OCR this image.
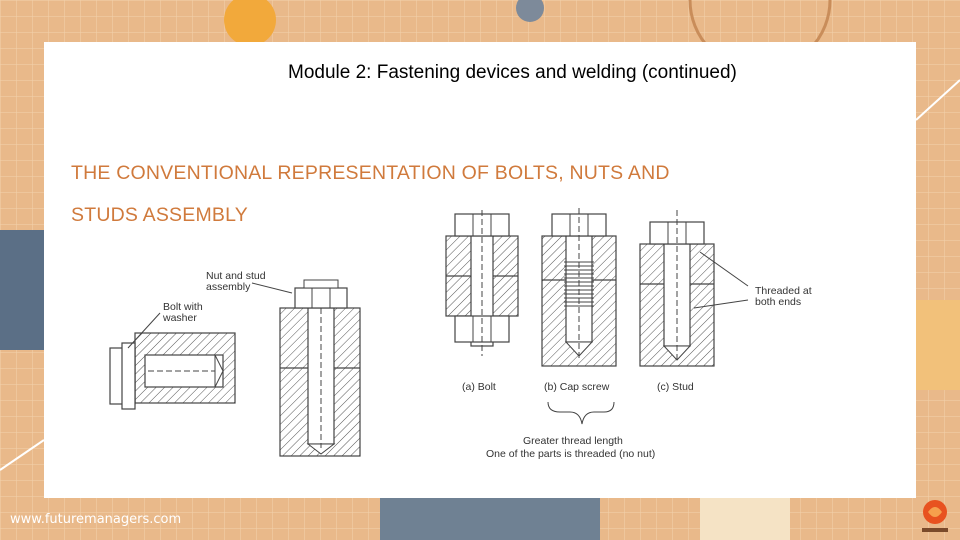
Module 2: Fastening devices and welding (continued)
THE CONVENTIONAL REPRESENTATION OF BOLTS, NUTS AND
STUDS ASSEMBLY
Nut and stud
assembly
Bolt with
washer
Threaded at
both ends
(a) Bolt	(b) Cap screw	(c) Stud
Greater thread length
One of the parts is threaded (no nut)
www.futuremanagers.com
